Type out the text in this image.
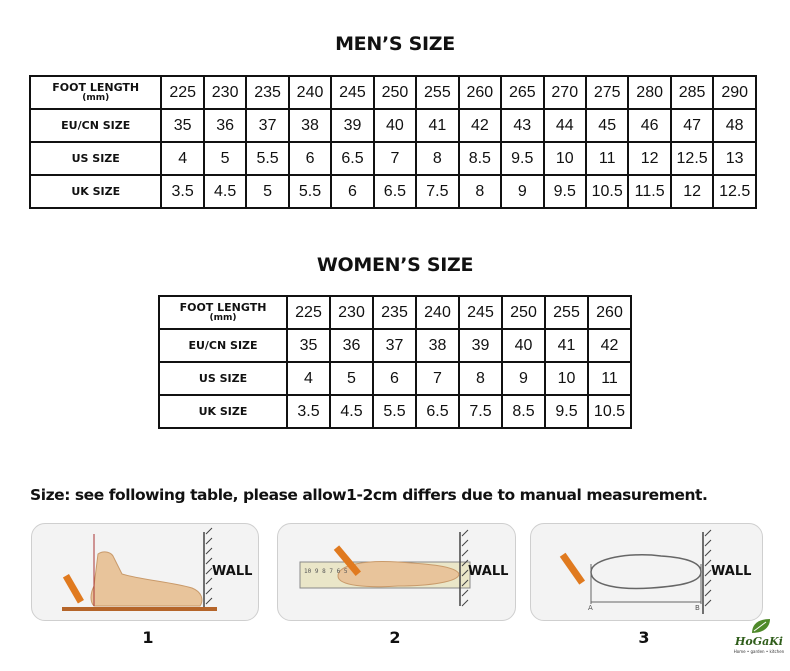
MEN’S SIZE
FOOT LENGTH
(mm)	225	230	235	240	245	250	255	260	265	270	275	280	285	290
EU/CN SIZE	35	36	37	38	39	40	41	42	43	44	45	46	47	48
US SIZE	4	5	5.5	6	6.5	7	8	8.5	9.5	10	11	12	12.5	13
UK SIZE	3.5	4.5	5	5.5	6	6.5	7.5	8	9	9.5	10.5	11.5	12	12.5
WOMEN’S SIZE
FOOT LENGTH
(mm)	225	230	235	240	245	250	255	260
EU/CN SIZE	35	36	37	38	39	40	41	42
US SIZE	4	5	6	7	8	9	10	11
UK SIZE	3.5	4.5	5.5	6.5	7.5	8.5	9.5	10.5
Size: see following table, please allow1-2cm differs due to manual measurement.
WALL	10 9 8 7 6 5	WALL
A	B
WALL
1	2	3	HoGaKi
Home • garden • kitchen
